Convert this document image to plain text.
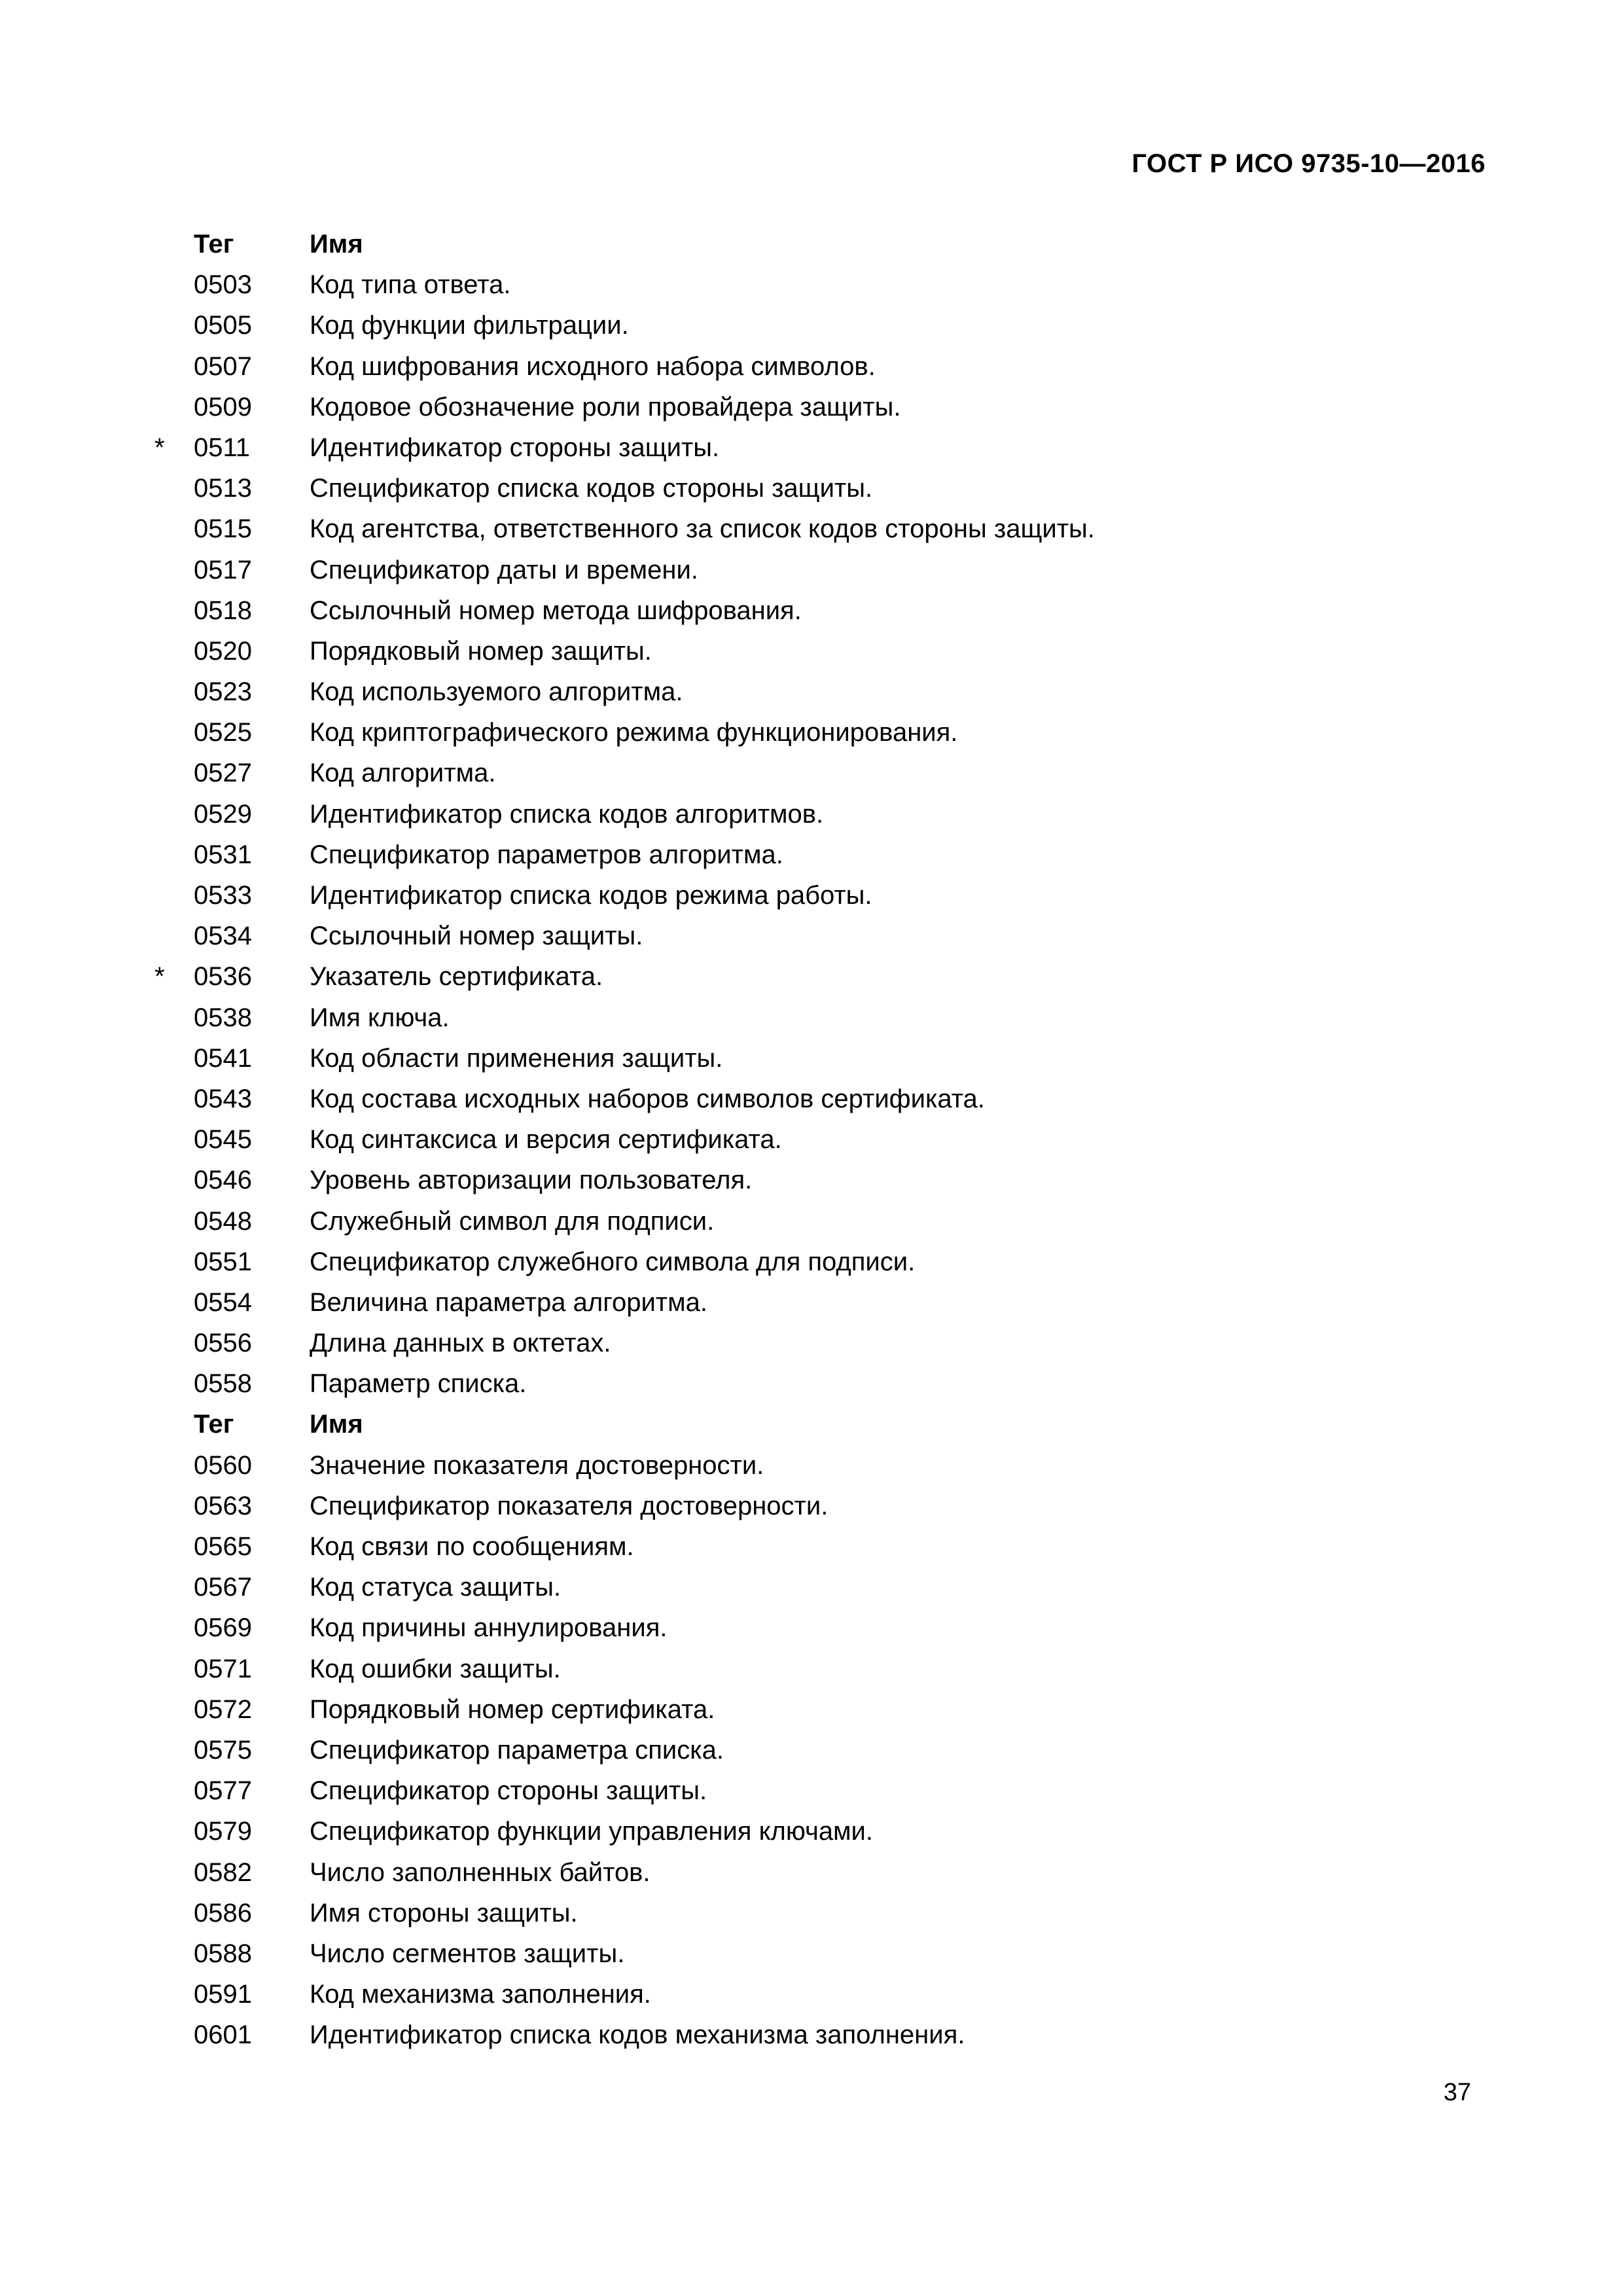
ГОСТ Р ИСО 9735-10—2016
Тег	Имя
0503 Код типа ответа.
0505 Код функции фильтрации.
0507 Код шифрования исходного набора символов.
0509 Кодовое обозначение роли провайдера защиты.
* 0511 Идентификатор стороны защиты.
0513 Спецификатор списка кодов стороны защиты.
0515 Код агентства, ответственного за список кодов стороны защиты.
0517 Спецификатор даты и времени.
0518 Ссылочный номер метода шифрования.
0520 Порядковый номер защиты.
0523 Код используемого алгоритма.
0525 Код криптографического режима функционирования.
0527 Код алгоритма.
0529 Идентификатор списка кодов алгоритмов.
0531 Спецификатор параметров алгоритма.
0533 Идентификатор списка кодов режима работы.
0534 Ссылочный номер защиты.
* 0536 Указатель сертификата.
0538 Имя ключа.
0541 Код области применения защиты.
0543 Код состава исходных наборов символов сертификата.
0545 Код синтаксиса и версия сертификата.
0546 Уровень авторизации пользователя.
0548 Служебный символ для подписи.
0551 Спецификатор служебного символа для подписи.
0554 Величина параметра алгоритма.
0556 Длина данных в октетах.
0558 Параметр списка.
Тег	Имя
0560 Значение показателя достоверности.
0563 Спецификатор показателя достоверности.
0565 Код связи по сообщениям.
0567 Код статуса защиты.
0569 Код причины аннулирования.
0571 Код ошибки защиты.
0572 Порядковый номер сертификата.
0575 Спецификатор параметра списка.
0577 Спецификатор стороны защиты.
0579 Спецификатор функции управления ключами.
0582 Число заполненных байтов.
0586 Имя стороны защиты.
0588 Число сегментов защиты.
0591 Код механизма заполнения.
0601 Идентификатор списка кодов механизма заполнения.
37
